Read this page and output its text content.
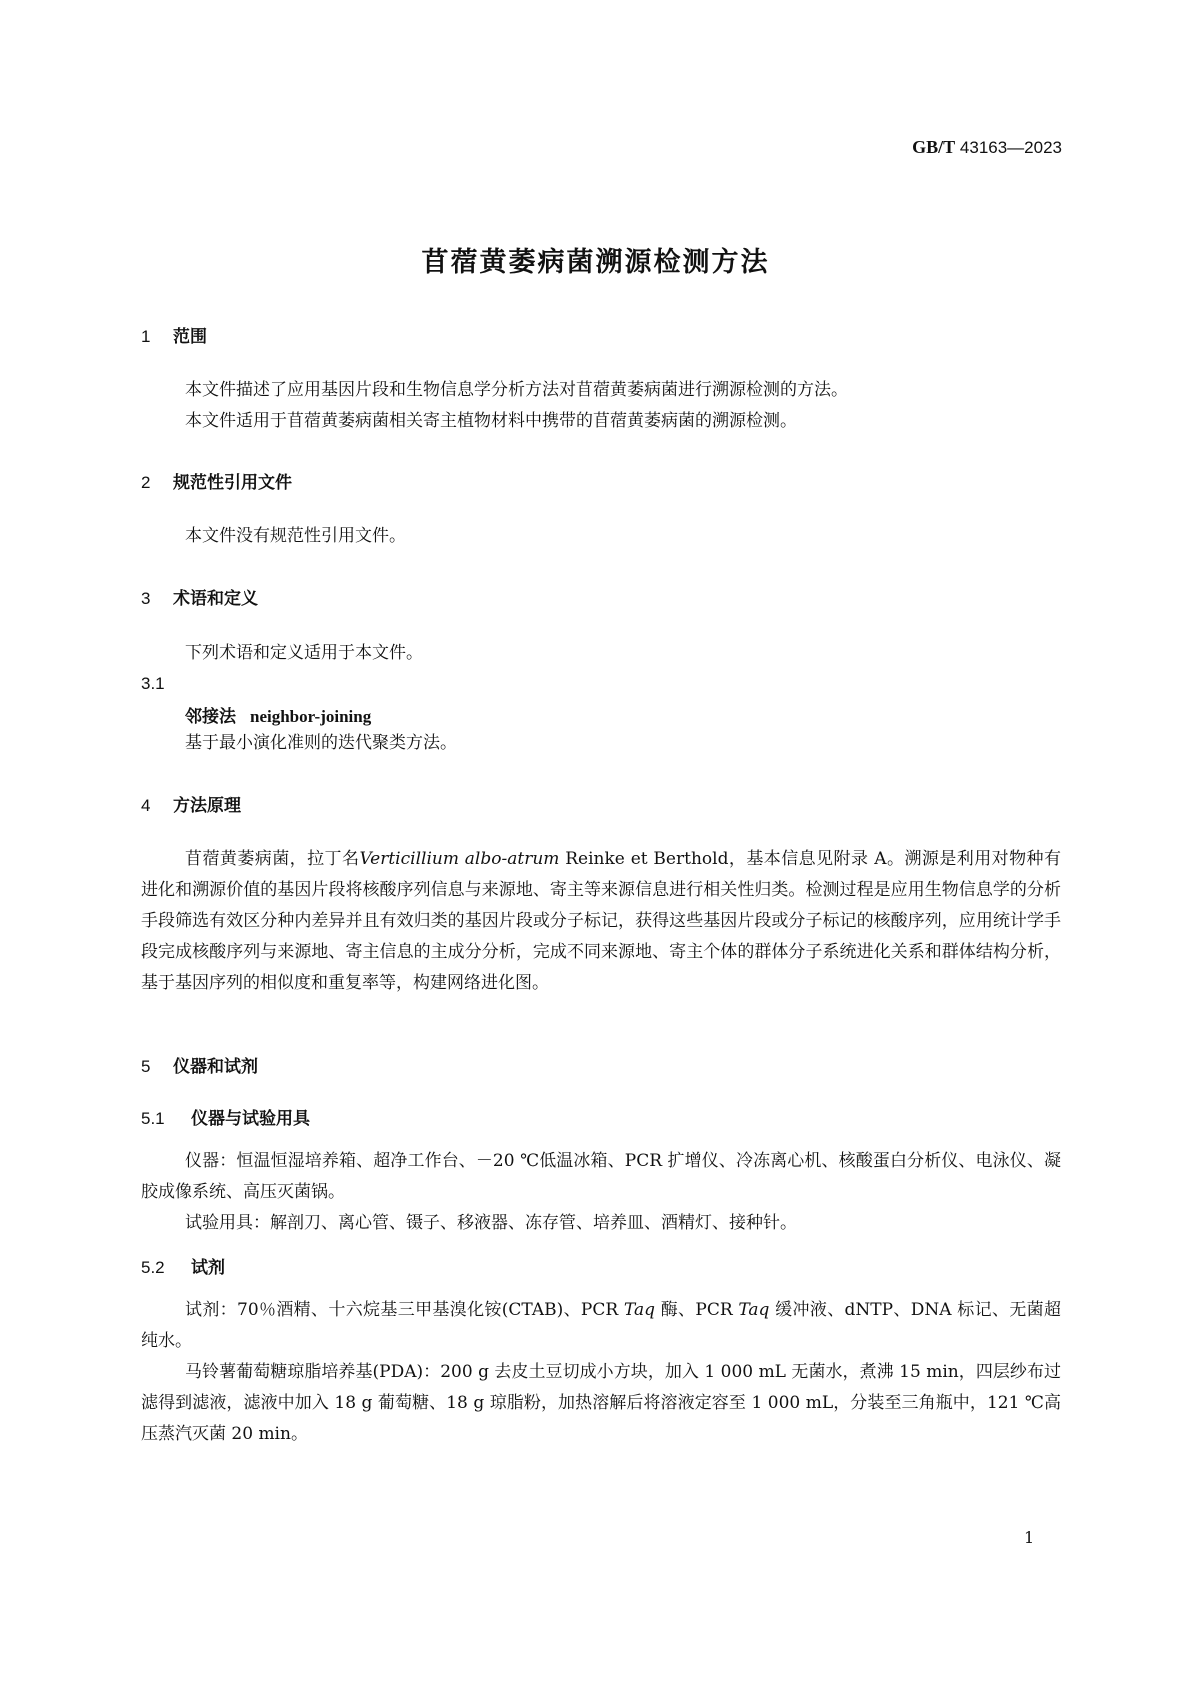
GB/T 43163—2023
苜蓿黄萎病菌溯源检测方法
1 范围
本文件描述了应用基因片段和生物信息学分析方法对苜蓿黄萎病菌进行溯源检测的方法。
本文件适用于苜蓿黄萎病菌相关寄主植物材料中携带的苜蓿黄萎病菌的溯源检测。
2 规范性引用文件
本文件没有规范性引用文件。
3 术语和定义
下列术语和定义适用于本文件。
3.1
邻接法 neighbor-joining
基于最小演化准则的迭代聚类方法。
4 方法原理
苜蓿黄萎病菌，拉丁名Verticillium albo-atrum Reinke et Berthold，基本信息见附录 A。溯源是利用对物种有进化和溯源价值的基因片段将核酸序列信息与来源地、寄主等来源信息进行相关性归类。检测过程是应用生物信息学的分析手段筛选有效区分种内差异并且有效归类的基因片段或分子标记，获得这些基因片段或分子标记的核酸序列，应用统计学手段完成核酸序列与来源地、寄主信息的主成分分析，完成不同来源地、寄主个体的群体分子系统进化关系和群体结构分析，基于基因序列的相似度和重复率等，构建网络进化图。
5 仪器和试剂
5.1 仪器与试验用具
仪器：恒温恒湿培养箱、超净工作台、－20 ℃低温冰箱、PCR 扩增仪、冷冻离心机、核酸蛋白分析仪、电泳仪、凝胶成像系统、高压灭菌锅。
试验用具：解剖刀、离心管、镊子、移液器、冻存管、培养皿、酒精灯、接种针。
5.2 试剂
试剂：70％酒精、十六烷基三甲基溴化铵(CTAB)、PCR Taq 酶、PCR Taq 缓冲液、dNTP、DNA 标记、无菌超纯水。
马铃薯葡萄糖琼脂培养基(PDA)：200 g 去皮土豆切成小方块，加入 1 000 mL 无菌水，煮沸 15 min，四层纱布过滤得到滤液，滤液中加入 18 g 葡萄糖、18 g 琼脂粉，加热溶解后将溶液定容至 1 000 mL，分装至三角瓶中，121 ℃高压蒸汽灭菌 20 min。
1
